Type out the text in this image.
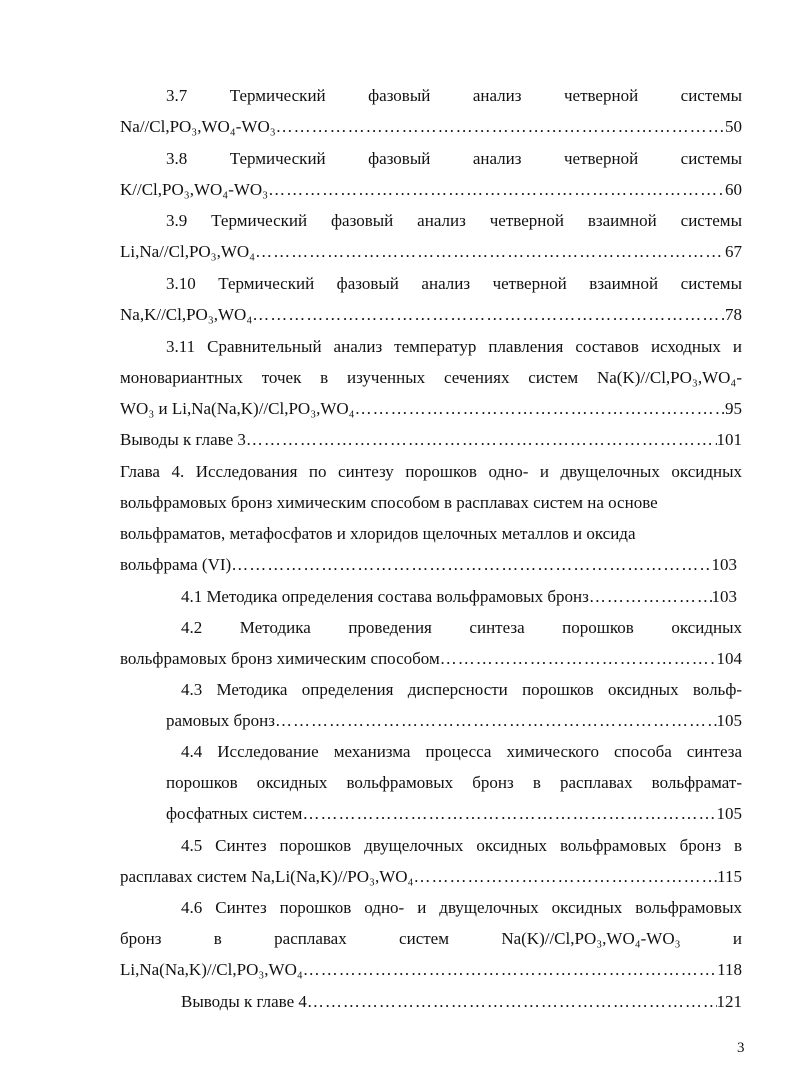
3.7 Термический фазовый анализ четверной системы
Na//Cl,PO₃,WO₄-WO₃ ……………………………………………………………………………………………………………………………………………………………	50
3.8 Термический фазовый анализ четверной системы
K//Cl,PO₃,WO₄-WO₃ ……………………………………………………………………………………………………………………………………………………………	60
3.9 Термический фазовый анализ четверной взаимной системы
Li,Na//Cl,PO₃,WO₄ ……………………………………………………………………………………………………………………………………………………………	67
3.10 Термический фазовый анализ четверной взаимной системы
Na,K//Cl,PO₃,WO₄ ……………………………………………………………………………………………………………………………………………………………	78
3.11 Сравнительный анализ температур плавления составов исходных и
моновариантных точек в изученных сечениях систем Na(K)//Cl,PO₃,WO₄-
WO₃ и Li,Na(Na,K)//Cl,PO₃,WO₄ ……………………………………………………………………………………………………………………………………………………………	95
Выводы к главе 3 ……………………………………………………………………………………………………………………………………………………………	101
Глава 4. Исследования по синтезу порошков одно- и двущелочных оксидных
вольфрамовых бронз химическим способом в расплавах систем на основе
вольфраматов, метафосфатов и хлоридов щелочных металлов и оксида
вольфрама (VI) ……………………………………………………………………………………………………………………………………………………………	103
4.1 Методика определения состава вольфрамовых бронз ……………………………………………………………………………………………………………………………………………………………	103
4.2 Методика проведения синтеза порошков оксидных
вольфрамовых бронз химическим способом ……………………………………………………………………………………………………………………………………………………………	104
4.3 Методика определения дисперсности порошков оксидных вольф-
рамовых бронз ……………………………………………………………………………………………………………………………………………………………	105
4.4 Исследование механизма процесса химического способа синтеза
порошков оксидных вольфрамовых бронз в расплавах вольфрамат-
фосфатных систем ……………………………………………………………………………………………………………………………………………………………	105
4.5 Синтез порошков двущелочных оксидных вольфрамовых бронз в
расплавах систем Na,Li(Na,K)//PO₃,WO₄ ……………………………………………………………………………………………………………………………………………………………	115
4.6 Синтез порошков одно- и двущелочных оксидных вольфрамовых
бронз в расплавах систем Na(K)//Cl,PO₃,WO₄-WO₃ и
Li,Na(Na,K)//Cl,PO₃,WO₄ ……………………………………………………………………………………………………………………………………………………………	118
Выводы к главе 4 ……………………………………………………………………………………………………………………………………………………………	121
3
